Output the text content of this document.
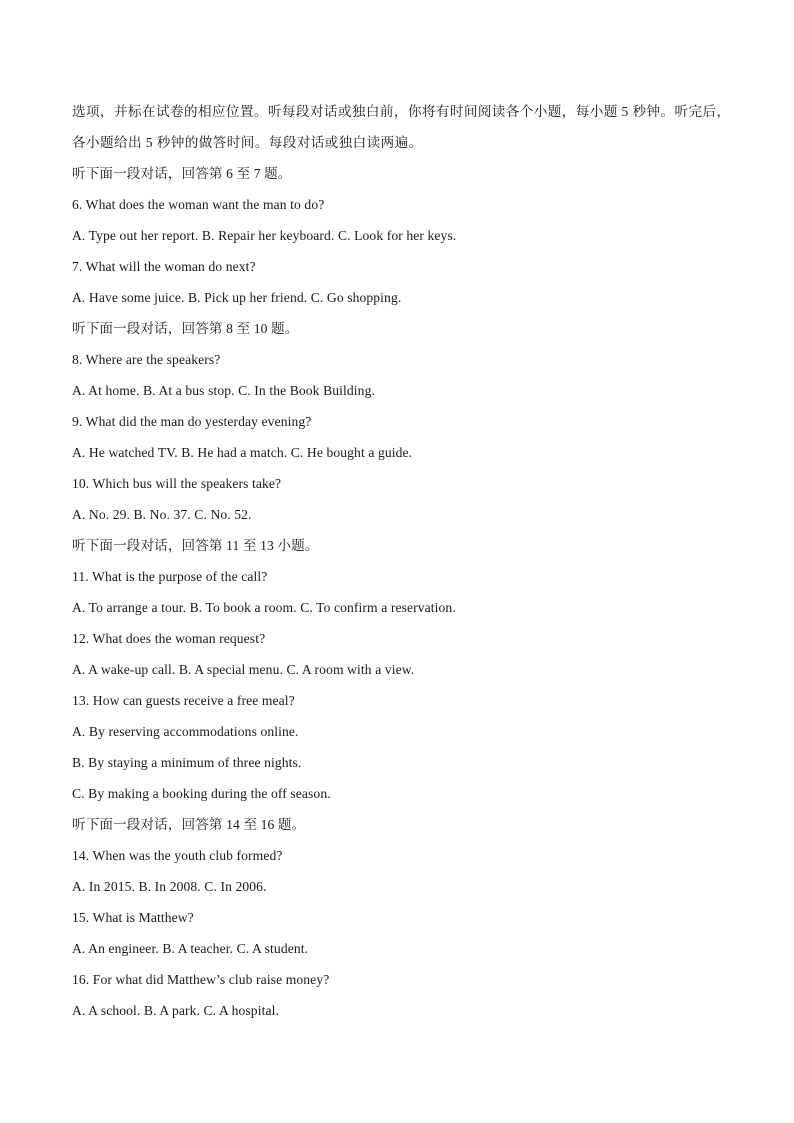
选项，并标在试卷的相应位置。听每段对话或独白前，你将有时间阅读各个小题，每小题 5 秒钟。听完后，
各小题给出 5 秒钟的做答时间。每段对话或独白读两遍。
听下面一段对话，回答第 6 至 7 题。
6. What does the woman want the man to do?
A. Type out her report. B. Repair her keyboard. C. Look for her keys.
7. What will the woman do next?
A. Have some juice. B. Pick up her friend. C. Go shopping.
听下面一段对话，回答第 8 至 10 题。
8. Where are the speakers?
A. At home. B. At a bus stop. C. In the Book Building.
9. What did the man do yesterday evening?
A. He watched TV. B. He had a match. C. He bought a guide.
10. Which bus will the speakers take?
A. No. 29. B. No. 37. C. No. 52.
听下面一段对话，回答第 11 至 13 小题。
11. What is the purpose of the call?
A. To arrange a tour. B. To book a room. C. To confirm a reservation.
12. What does the woman request?
A. A wake-up call. B. A special menu. C. A room with a view.
13. How can guests receive a free meal?
A. By reserving accommodations online.
B. By staying a minimum of three nights.
C. By making a booking during the off season.
听下面一段对话，回答第 14 至 16 题。
14. When was the youth club formed?
A. In 2015. B. In 2008. C. In 2006.
15. What is Matthew?
A. An engineer. B. A teacher. C. A student.
16. For what did Matthew’s club raise money?
A. A school. B. A park. C. A hospital.
